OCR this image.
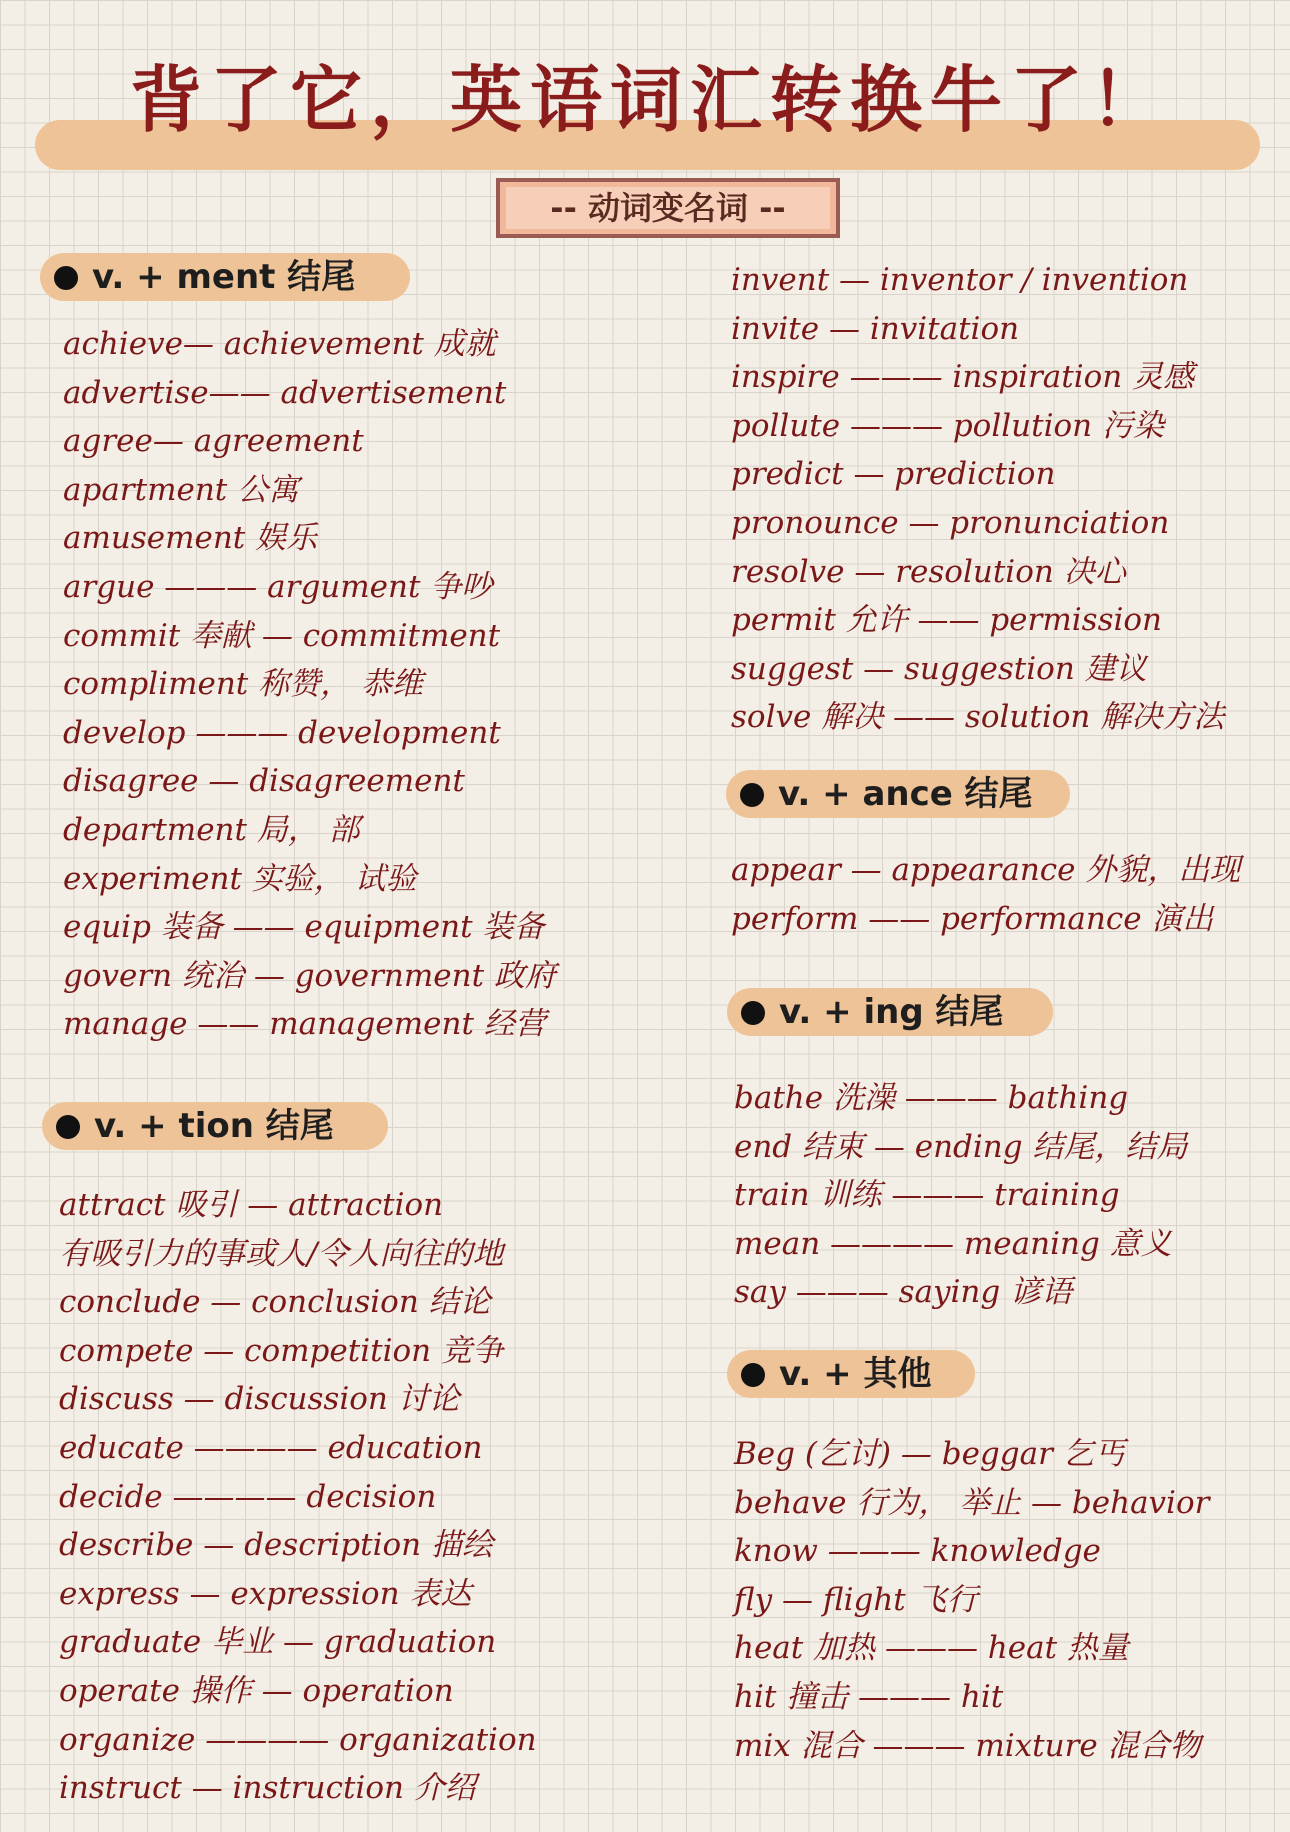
背了它，英语词汇转换牛了！
-- 动词变名词 --
v. + ment 结尾
achieve— achievement 成就
advertise—— advertisement
agree— agreement
apartment 公寓
amusement 娱乐
argue ——— argument 争吵
commit 奉献 — commitment
compliment 称赞， 恭维
develop ——— development
disagree — disagreement
department 局， 部
experiment 实验， 试验
equip 装备 —— equipment 装备
govern 统治 — government 政府
manage —— management 经营
v. + tion 结尾
attract 吸引 — attraction
有吸引力的事或人/令人向往的地
conclude — conclusion 结论
compete — competition 竞争
discuss — discussion 讨论
educate ———— education
decide ———— decision
describe — description 描绘
express — expression 表达
graduate 毕业 — graduation
operate 操作 — operation
organize ———— organization
instruct — instruction 介绍
invent — inventor / invention
invite — invitation
inspire ——— inspiration 灵感
pollute ——— pollution 污染
predict — prediction
pronounce — pronunciation
resolve — resolution 决心
permit 允许 —— permission
suggest — suggestion 建议
solve 解决 —— solution 解决方法
v. + ance 结尾
appear — appearance 外貌，出现
perform —— performance 演出
v. + ing 结尾
bathe 洗澡 ——— bathing
end 结束 — ending 结尾，结局
train 训练 ——— training
mean ———— meaning 意义
say ——— saying 谚语
v. + 其他
Beg (乞讨) — beggar 乞丐
behave 行为， 举止 — behavior
know ——— knowledge
fly — flight 飞行
heat 加热 ——— heat 热量
hit 撞击 ——— hit
mix 混合 ——— mixture 混合物
